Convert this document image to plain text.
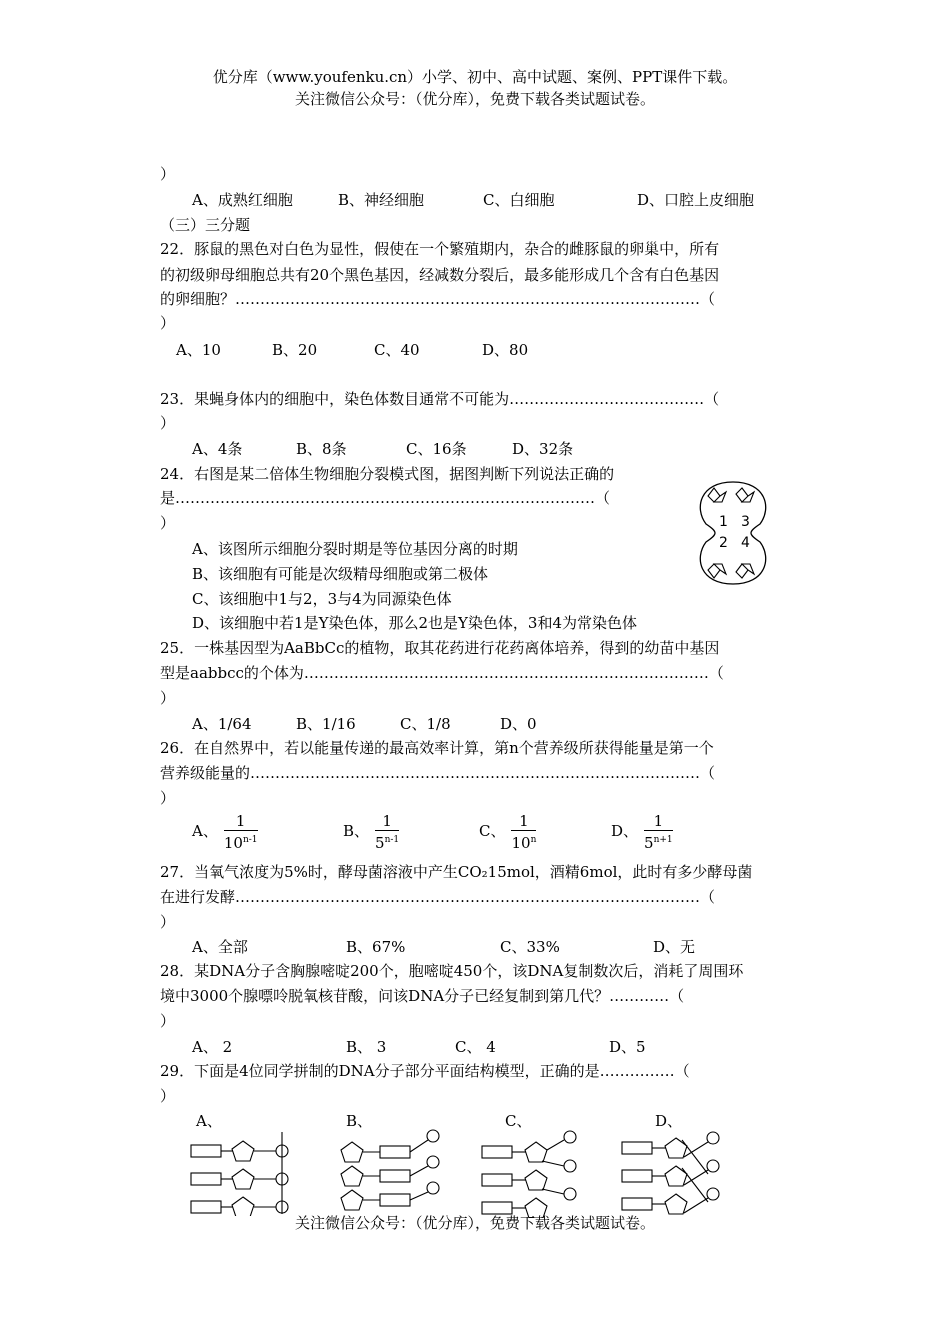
优分库（www.youfenku.cn）小学、初中、高中试题、案例、PPT课件下载。
关注微信公众号：（优分库），免费下载各类试题试卷。
）
A、成熟红细胞	B、神经细胞	C、白细胞	D、口腔上皮细胞
（三）三分题
22．豚鼠的黑色对白色为显性，假使在一个繁殖期内，杂合的雌豚鼠的卵巢中，所有
的初级卵母细胞总共有20个黑色基因，经减数分裂后，最多能形成几个含有白色基因
的卵细胞？…………………………………………………………………………………（
）
A、10	B、20	C、40	D、80
23．果蝇身体内的细胞中，染色体数目通常不可能为…………………………………（
）
A、4条	B、8条	C、16条	D、32条
24．右图是某二倍体生物细胞分裂模式图，据图判断下列说法正确的
是…………………………………………………………………………（
）
A、该图所示细胞分裂时期是等位基因分离的时期
B、该细胞有可能是次级精母细胞或第二极体
C、该细胞中1与2，3与4为同源染色体
D、该细胞中若1是Y染色体，那么2也是Y染色体，3和4为常染色体
1 3
2 4
25．一株基因型为AaBbCc的植物，取其花药进行花药离体培养，得到的幼苗中基因
型是aabbcc的个体为………………………………………………………………………（
）
A、1/64	B、1/16	C、1/8	D、0
26．在自然界中，若以能量传递的最高效率计算，第n个营养级所获得能量是第一个
营养级能量的………………………………………………………………………………（
）
A、 $\frac{1}{10^{n-1}}$	B、 $\frac{1}{5^{n-1}}$	C、 $\frac{1}{10^n}$	D、 $\frac{1}{5^{n+1}}$
27．当氧气浓度为5%时，酵母菌溶液中产生CO₂15mol，酒精6mol，此时有多少酵母菌
在进行发酵…………………………………………………………………………………（
）
A、全部	B、67%	C、33%	D、无
28．某DNA分子含胸腺嘧啶200个，胞嘧啶450个，该DNA复制数次后，消耗了周围环
境中3000个腺嘌呤脱氧核苷酸，问该DNA分子已经复制到第几代？…………（
）
A、 2	B、 3	C、 4	D、5
29．下面是4位同学拼制的DNA分子部分平面结构模型，正确的是……………（
）
A、	B、	C、	D、
关注微信公众号：（优分库），免费下载各类试题试卷。
